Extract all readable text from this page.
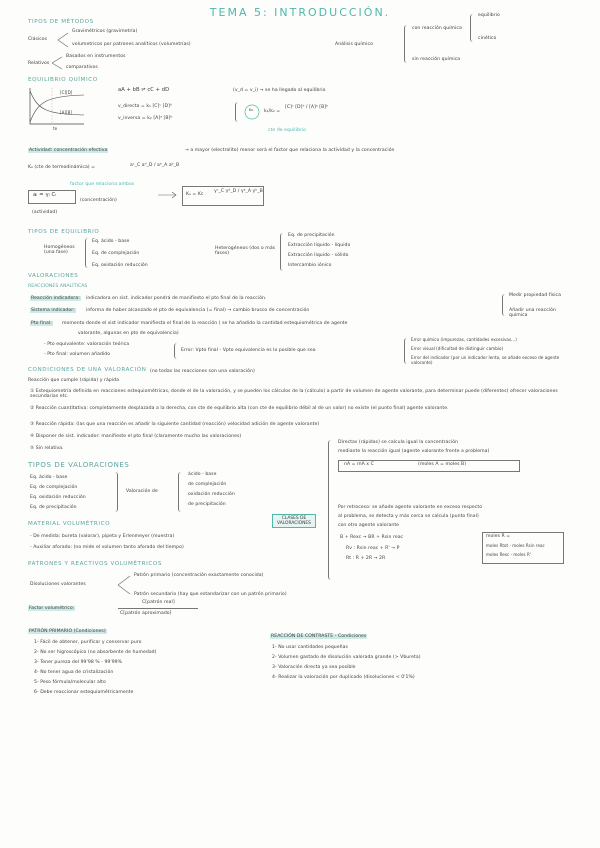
TEMA 5: INTRODUCCIÓN.
TIPOS DE MÉTODOS
Clásicos
Gravimétricos (gravimetría)
volumetricos por patrones analíticos (volumetrías)
Relativos
Basados en instrumentos
comparativos
Análisis químico
con reacción química
equilibrio
cinético
sin reacción química
EQUILIBRIO QUÍMICO
[C][D]
[A][B]
te
aA + bB ⇌ cC + dD	(v_d = v_i) → se ha llegado al equilibrio
v_directa = k₁ [C]ᶜ [D]ᵈ
v_inversa = k₂ [A]ᵃ [B]ᵇ
Kc k₁/k₂ =
[C]ᶜ [D]ᵈ / [A]ᵃ [B]ᵇ
cte de equilibrio
Actividad: concentración efectiva	→ a mayor (electrolito) menor será el factor que relaciona la actividad y la concentración
Kₐ (cte de termodinámica) =	aᶜ_C aᵈ_D / aᵃ_A aᵇ_B
factor que relaciona ambos
aᵢ = γᵢ Cᵢ
(concentración)
(actividad)
Kₐ = Kc
γᶜ_C γᵈ_D / γᵃ_A γᵇ_B
TIPOS DE EQUILIBRIO
Homogéneos (una fase)
Eq. ácido - base
Eq. de complejación
Eq. oxidación reducción
Heterogéneos (dos o más fases)
Eq. de precipitación
Extracción líquido - líquido
Extracción líquido - sólido
Intercambio iónico
VALORACIONES
REACCIONES ANALÍTICAS
Reacción indicadora: indicadora en sist. indicador pondrá de manifiesto el pto final de la reacción.
Sistema indicador: informa de haber alcanzado el pto de equivalencia (= final) → cambio brusco de concentración
Pto final: momento donde el sist indicador manifiesta el final de la reacción ( se ha añadido la cantidad estequiométrica de agente
valorante, algunas en pto de equivalencia)
Medir propiedad física
Añadir una reacción química
- Pto equivalente: valoración teórica
- Pto final: volumen añadido
Error: Vpto final - Vpto equivalencia es lo posible que sea
Error químico (impurezas, cantidades excesivas...)
Error visual (dificultad de distinguir cambio)
Error del indicador (por un indicador lento, se añade exceso de agente valorante)
CONDICIONES DE UNA VALORACIÓN (no todas las reacciones son una valoración)
Reacción que cumple (rápida) y rápida
① Estequiometría definida en reacciones estequiométricas, donde el de la valoración, y se pueden los cálculos de la (cálculo) a partir de volumen de agente valorante, para determinar puede (diferentes) ofrecer valoraciones secundarias etc.
② Reacción cuantitativa: completamente desplazada a la derecha, con cte de equilibrio alta (con cte de equilibrio débil al de un valor) no existe (el punto final) agente valorante.
③ Reacción rápida: (las que una reacción es añadir la siguiente cantidad (reacción) velocidad adición de agente valorante)
④ Disponer de sist. indicador: manifieste el pto final (claramente mucho las valoraciones)
⑤ Sin relativa.
TIPOS DE VALORACIONES
Eq. ácido - base
Eq. de complejación
Eq. oxidación reducción
Eq. de precipitación
Valoración de
ácido - base
de complejación
oxidación reducción
de precipitación
CLASES DE VALORACIONES
Directas (rápidas) se calcula igual la concentración
mediante la reacción igual (agente valorante frente a problema)
nA = mA x C	(moles A = moles B)
Por retroceso: se añade agente valorante en exceso respecto
al problema, se detecta y más cerca se calcula (punto final)
con otro agente valorante
B + Rexc → BR + Rsin reac
Rv : Rsin reac + R' → P
Rt : R + 2R → 2R
moles R =
moles Rtot - moles Rsin reac
moles Rexc - moles R'
MATERIAL VOLUMÉTRICO
- De medida: bureta (valorar), pipeta y Erlenmeyer (muestra)
- Auxiliar aforado: (no mide el volumen tanto aforado del tiempo)
PATRONES Y REACTIVOS VOLUMÉTRICOS
Disoluciones valorantes
Patrón primario (concentración exactamente conocida)
Patrón secundario (hay que estandarizar con un patrón primario)
Factor volumétrico:
C[patrón real]
C[patrón aproximado]
PATRÓN PRIMARIO (Condiciones)
1- Fácil de obtener, purificar y conservar puro
2- No ser higroscópico (no absorbente de humedad)
3- Tener pureza del 99'98 % - 99'99%
4- No tener agua de cristalización
5- Peso fórmula/molecular alto
6- Debe reaccionar estequiométricamente
REACCIÓN DE CONTRASTE - Condiciones
1- No usar cantidades pequeñas
2- Volumen gastado de disolución valorada grande (> Vbureta)
3- Valoración directa ya sea posible
4- Realizar la valoración por duplicado (disoluciones < 0'1%)
